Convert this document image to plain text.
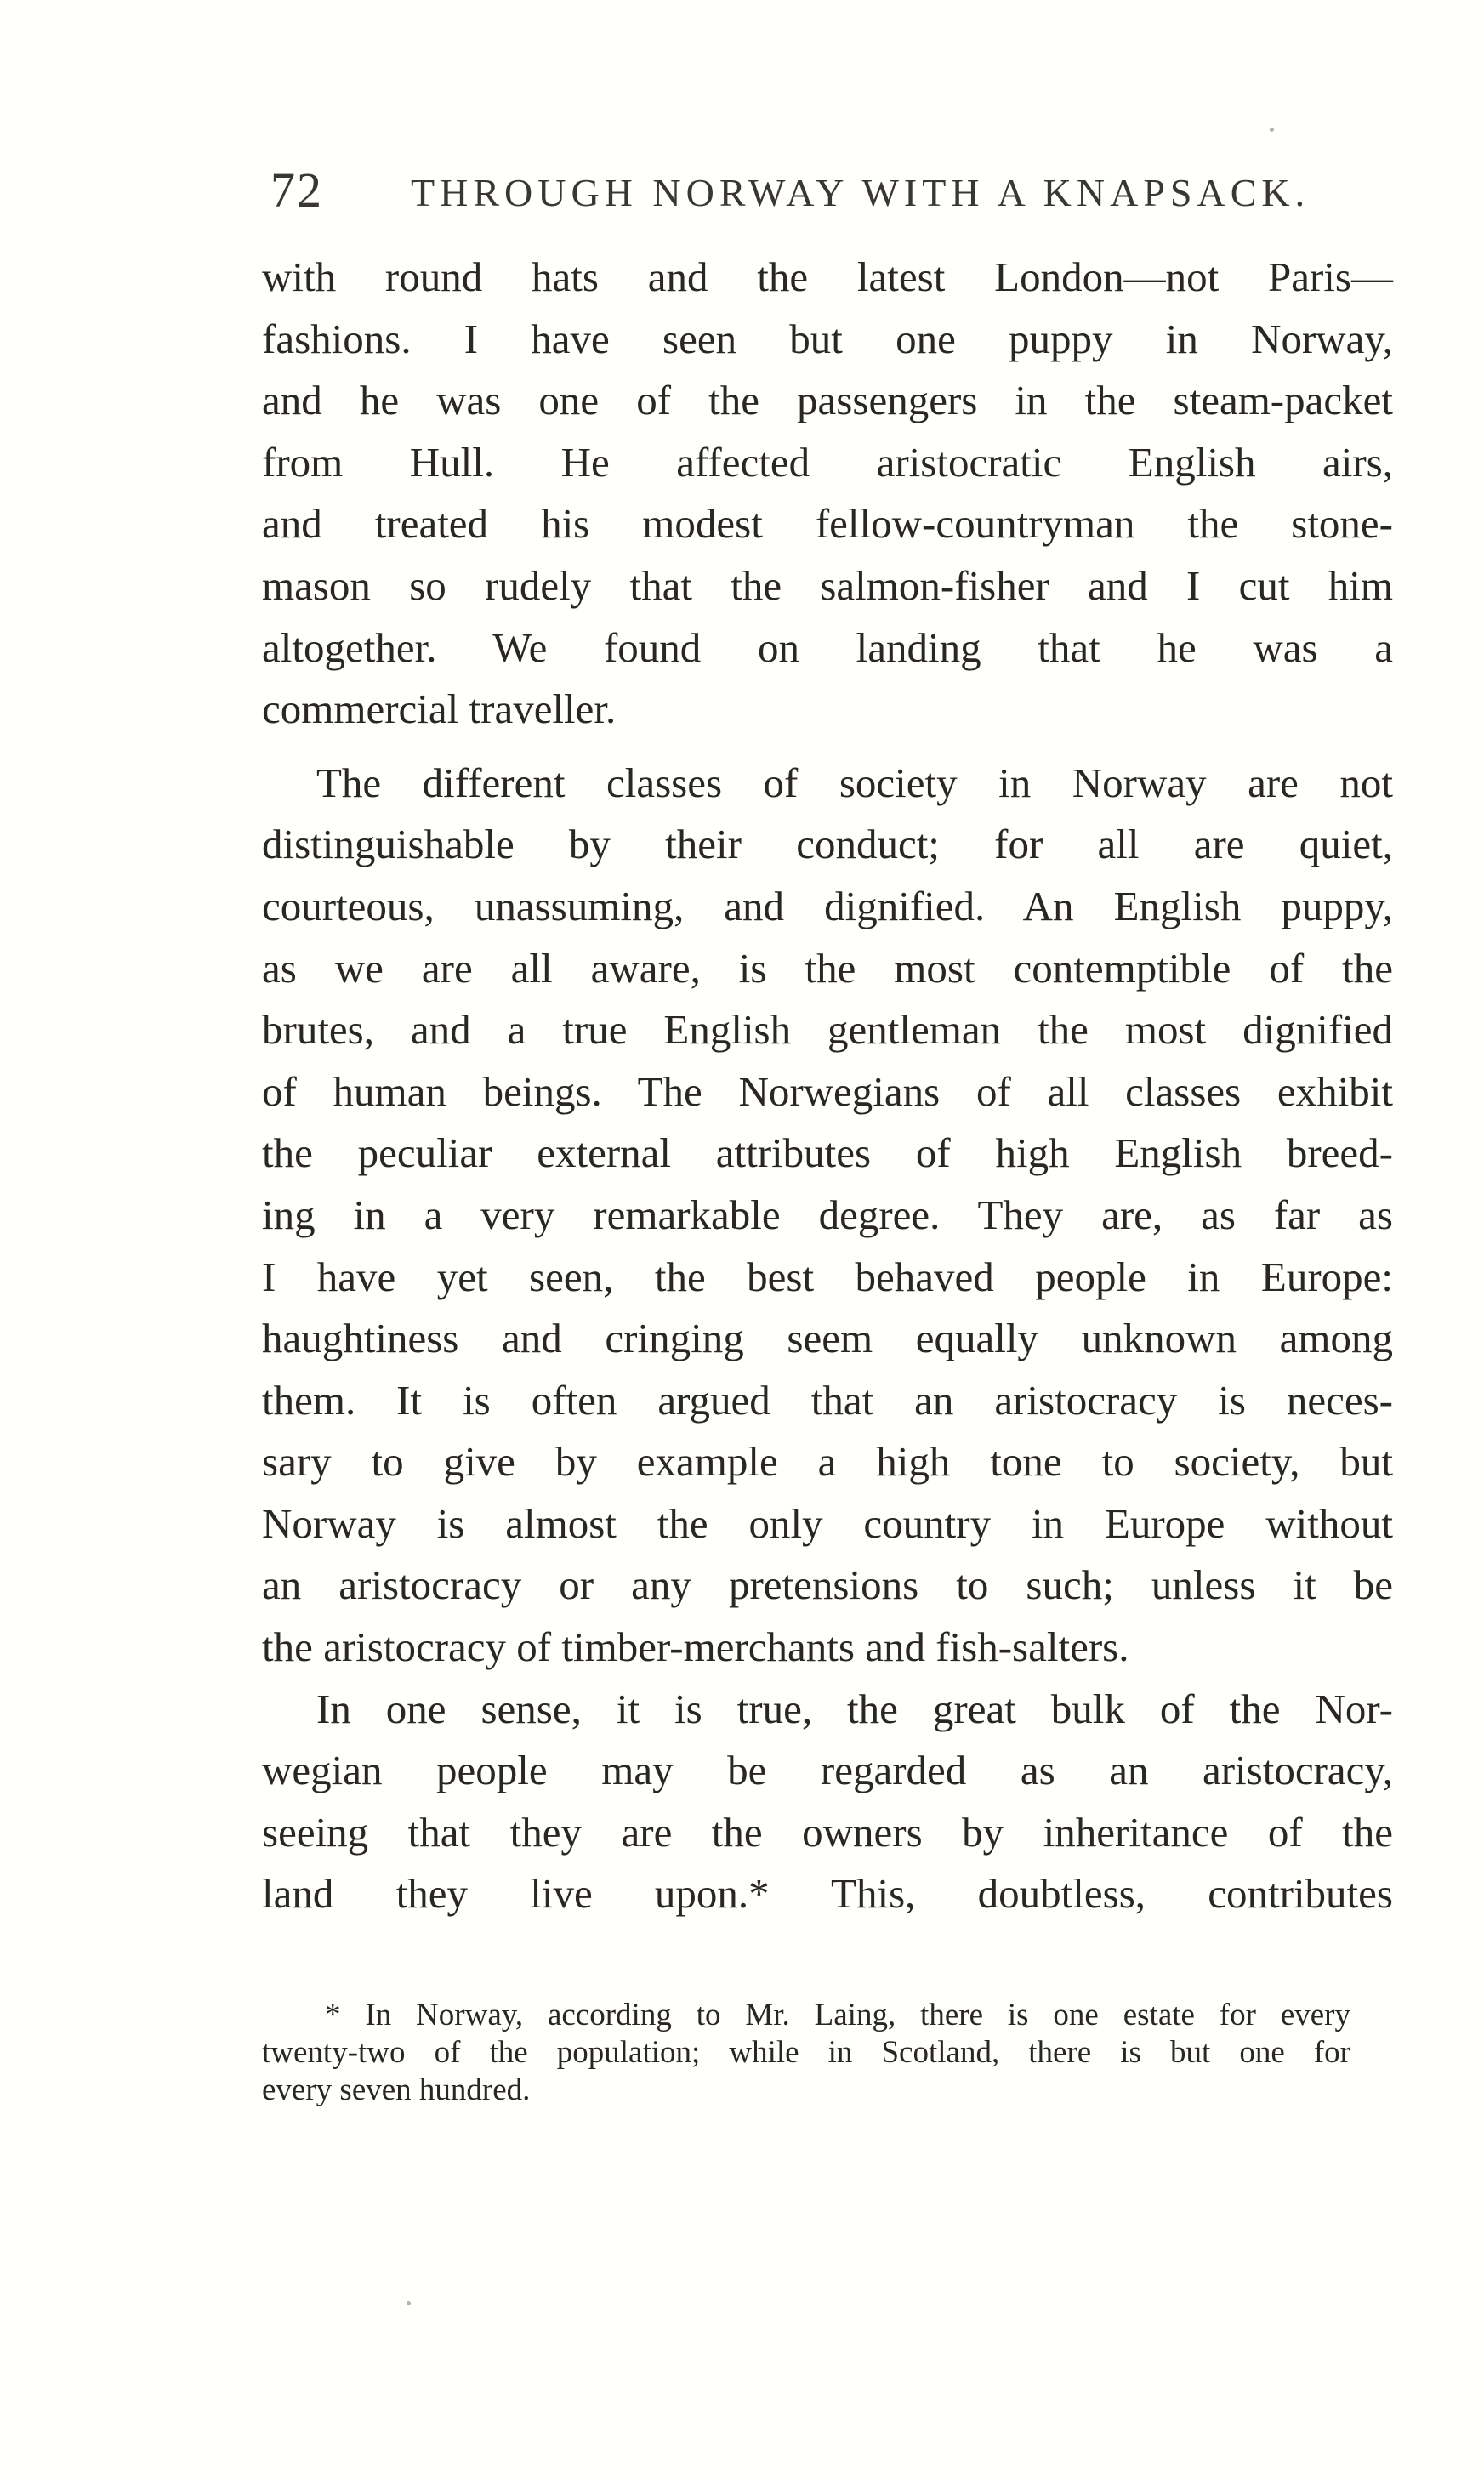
72 THROUGH NORWAY WITH A KNAPSACK.
with round hats and the latest London—not Paris—
fashions. I have seen but one puppy in Norway,
and he was one of the passengers in the steam-packet
from Hull. He affected aristocratic English airs,
and treated his modest fellow-countryman the stone-
mason so rudely that the salmon-fisher and I cut him
altogether. We found on landing that he was a
commercial traveller.
The different classes of society in Norway are not
distinguishable by their conduct; for all are quiet,
courteous, unassuming, and dignified. An English puppy,
as we are all aware, is the most contemptible of the
brutes, and a true English gentleman the most dignified
of human beings. The Norwegians of all classes exhibit
the peculiar external attributes of high English breed-
ing in a very remarkable degree. They are, as far as
I have yet seen, the best behaved people in Europe:
haughtiness and cringing seem equally unknown among
them. It is often argued that an aristocracy is neces-
sary to give by example a high tone to society, but
Norway is almost the only country in Europe without
an aristocracy or any pretensions to such; unless it be
the aristocracy of timber-merchants and fish-salters.
In one sense, it is true, the great bulk of the Nor-
wegian people may be regarded as an aristocracy,
seeing that they are the owners by inheritance of the
land they live upon.* This, doubtless, contributes
* In Norway, according to Mr. Laing, there is one estate for every
twenty-two of the population; while in Scotland, there is but one for
every seven hundred.
